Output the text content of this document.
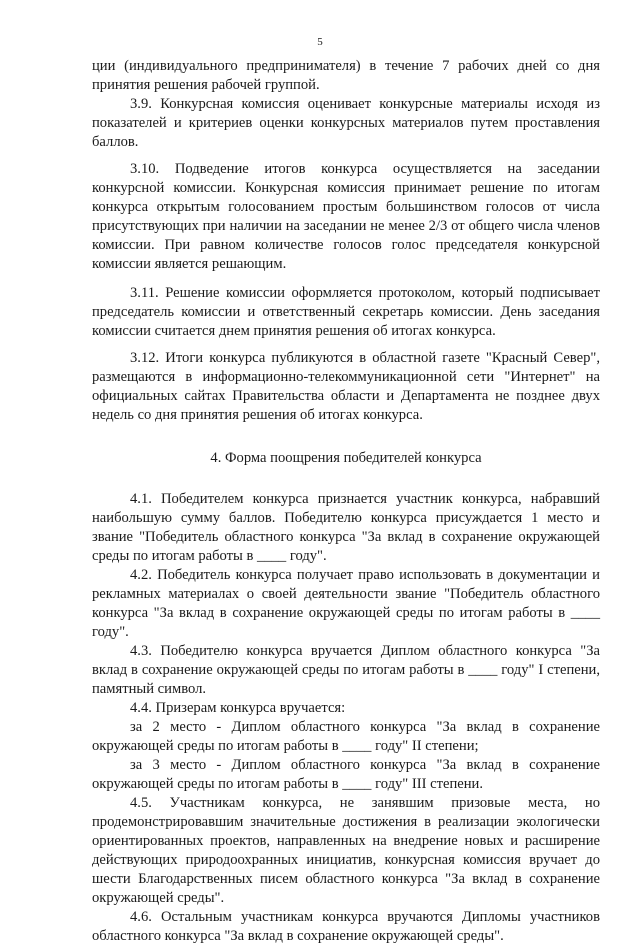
5

ции (индивидуального предпринимателя) в течение 7 рабочих дней со дня принятия решения рабочей группой.

3.9. Конкурсная комиссия оценивает конкурсные материалы исходя из показателей и критериев оценки конкурсных материалов путем проставления баллов.

3.10. Подведение итогов конкурса осуществляется на заседании конкурсной комиссии. Конкурсная комиссия принимает решение по итогам конкурса открытым голосованием простым большинством голосов от числа присутствующих при наличии на заседании не менее 2/3 от общего числа членов комиссии. При равном количестве голосов голос председателя конкурсной комиссии является решающим.

3.11. Решение комиссии оформляется протоколом, который подписывает председатель комиссии и ответственный секретарь комиссии. День заседания комиссии считается днем принятия решения об итогах конкурса.

3.12. Итоги конкурса публикуются в областной газете "Красный Север", размещаются в информационно-телекоммуникационной сети "Интернет" на официальных сайтах Правительства области и Департамента не позднее двух недель со дня принятия решения об итогах конкурса.

4. Форма поощрения победителей конкурса

4.1. Победителем конкурса признается участник конкурса, набравший наибольшую сумму баллов. Победителю конкурса присуждается 1 место и звание "Победитель областного конкурса "За вклад в сохранение окружающей среды по итогам работы в ____ году".

4.2. Победитель конкурса получает право использовать в документации и рекламных материалах о своей деятельности звание "Победитель областного конкурса "За вклад в сохранение окружающей среды по итогам работы в ____ году".

4.3. Победителю конкурса вручается Диплом областного конкурса "За вклад в сохранение окружающей среды по итогам работы в ____ году" I степени, памятный символ.

4.4. Призерам конкурса вручается:

за 2 место - Диплом областного конкурса "За вклад в сохранение окружающей среды по итогам работы в ____ году" II степени;

за 3 место - Диплом областного конкурса "За вклад в сохранение окружающей среды по итогам работы в ____ году" III степени.

4.5. Участникам конкурса, не занявшим призовые места, но продемонстрировавшим значительные достижения в реализации экологически ориентированных проектов, направленных на внедрение новых и расширение действующих природоохранных инициатив, конкурсная комиссия вручает до шести Благодарственных писем областного конкурса "За вклад в сохранение окружающей среды".

4.6. Остальным участникам конкурса вручаются Дипломы участников областного конкурса "За вклад в сохранение окружающей среды".
